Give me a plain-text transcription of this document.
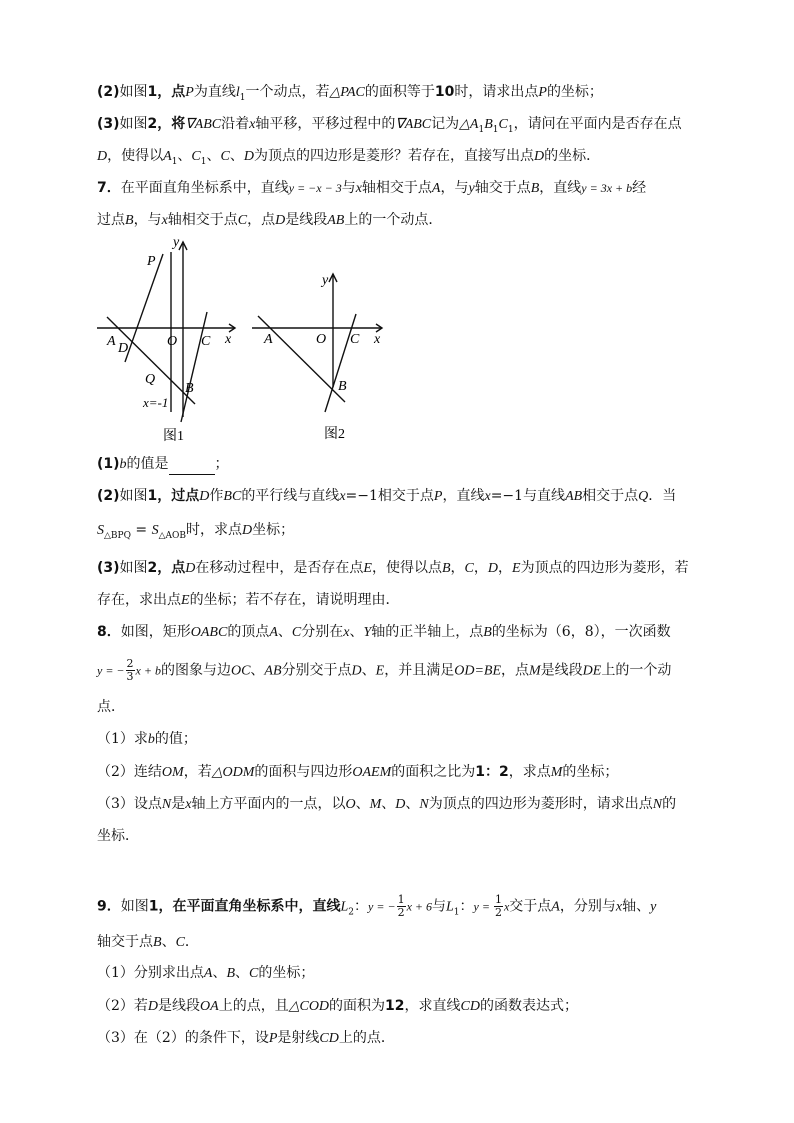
(2)如图1，点P为直线$l_1$一个动点，若△PAC的面积等于10时，请求出点P的坐标；
(3)如图2，将∇ABC沿着x轴平移，平移过程中的∇ABC记为$\triangle A_1B_1C_1$，请问在平面内是否存在点
D，使得以$A_1$、$C_1$、C、D为顶点的四边形是菱形？若存在，直接写出点D的坐标．
7．在平面直角坐标系中，直线y = −x − 3与x轴相交于点A，与y轴交于点B，直线y = 3x + b经
过点B，与x轴相交于点C，点D是线段AB上的一个动点．
P
y
A D	O C x
Q
B
x=-1
图1
y
A	O C x
B
图2
(1)b的值是	；
(2)如图1，过点D作BC的平行线与直线x=−1相交于点P，直线x=−1与直线AB相交于点Q．当
$S_{\triangle BPQ} = S_{\triangle AOB}$时，求点D坐标；
(3)如图2，点D在移动过程中，是否存在点E，使得以点B，C，D，E为顶点的四边形为菱形，若
存在，求出点E的坐标；若不存在，请说明理由．
8．如图，矩形OABC的顶点A、C分别在x、Y轴的正半轴上，点B的坐标为（6，8），一次函数
y = − $\frac{2}{3}$ x + b的图象与边OC、AB分别交于点D、E，并且满足OD=BE，点M是线段DE上的一个动
点．
（1）求b的值；
（2）连结OM，若△ODM的面积与四边形OAEM的面积之比为1：2，求点M的坐标；
（3）设点N是x轴上方平面内的一点，以O、M、D、N为顶点的四边形为菱形时，请求出点N的
坐标．
9．如图1，在平面直角坐标系中，直线$L_2$：y = − $\frac{1}{2}$ x + 6与$L_1$：$y = \frac{1}{2}$ x交于点A，分别与x轴、y
轴交于点B、C．
（1）分别求出点A、B、C的坐标；
（2）若D是线段OA上的点，且△COD的面积为12，求直线CD的函数表达式；
（3）在（2）的条件下，设P是射线CD上的点．
